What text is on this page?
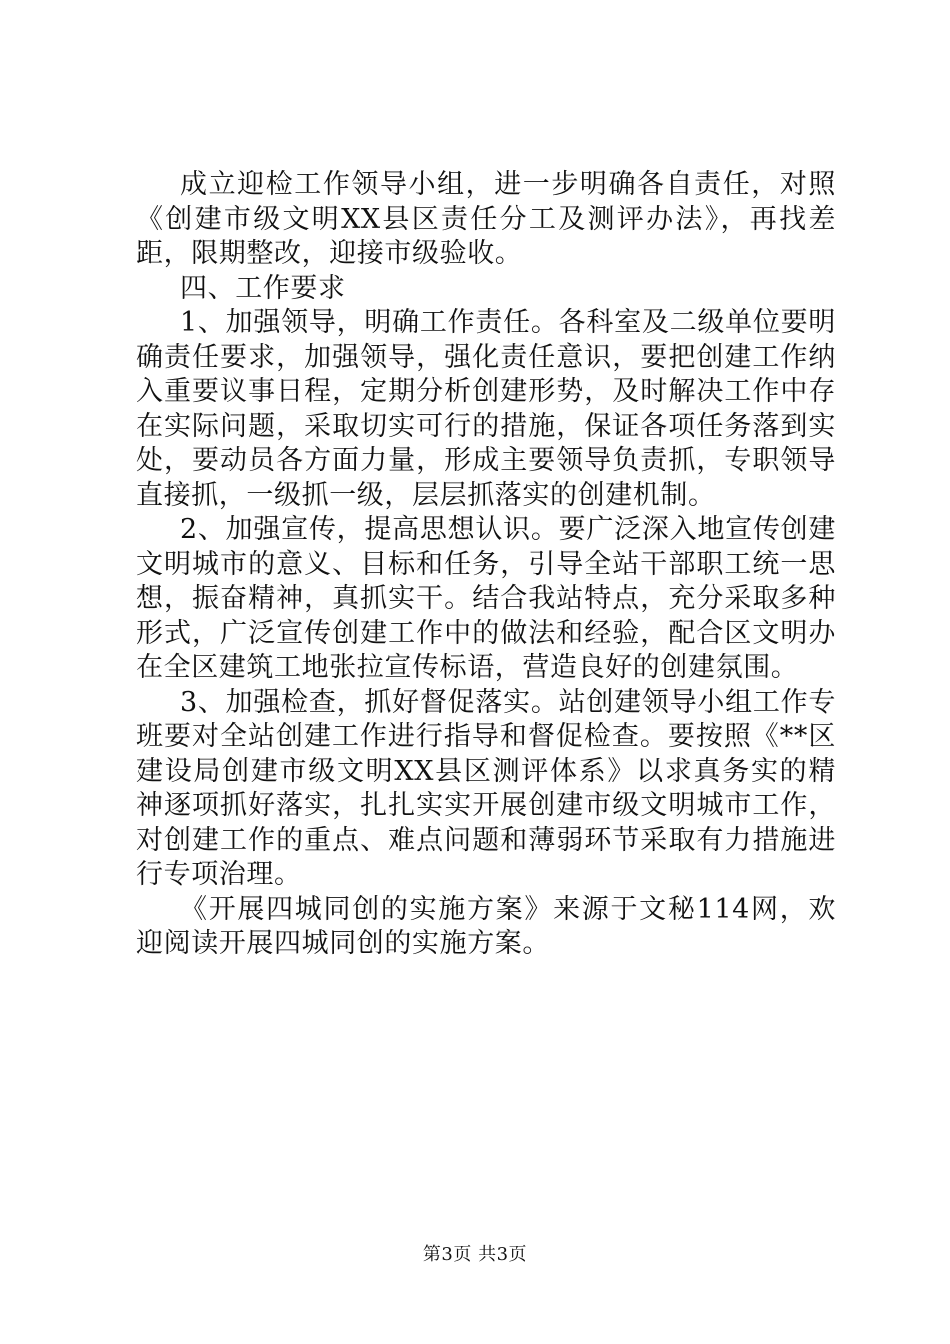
成立迎检工作领导小组，进一步明确各自责任，对照《创建市级文明XX县区责任分工及测评办法》，再找差距，限期整改，迎接市级验收。

四、工作要求

1、加强领导，明确工作责任。各科室及二级单位要明确责任要求，加强领导，强化责任意识，要把创建工作纳入重要议事日程，定期分析创建形势，及时解决工作中存在实际问题，采取切实可行的措施，保证各项任务落到实处，要动员各方面力量，形成主要领导负责抓，专职领导直接抓，一级抓一级，层层抓落实的创建机制。

2、加强宣传，提高思想认识。要广泛深入地宣传创建文明城市的意义、目标和任务，引导全站干部职工统一思想，振奋精神，真抓实干。结合我站特点，充分采取多种形式，广泛宣传创建工作中的做法和经验，配合区文明办在全区建筑工地张拉宣传标语，营造良好的创建氛围。

3、加强检查，抓好督促落实。站创建领导小组工作专班要对全站创建工作进行指导和督促检查。要按照《**区建设局创建市级文明XX县区测评体系》以求真务实的精神逐项抓好落实，扎扎实实开展创建市级文明城市工作，对创建工作的重点、难点问题和薄弱环节采取有力措施进行专项治理。

《开展四城同创的实施方案》来源于文秘114网，欢迎阅读开展四城同创的实施方案。

第3页 共3页
